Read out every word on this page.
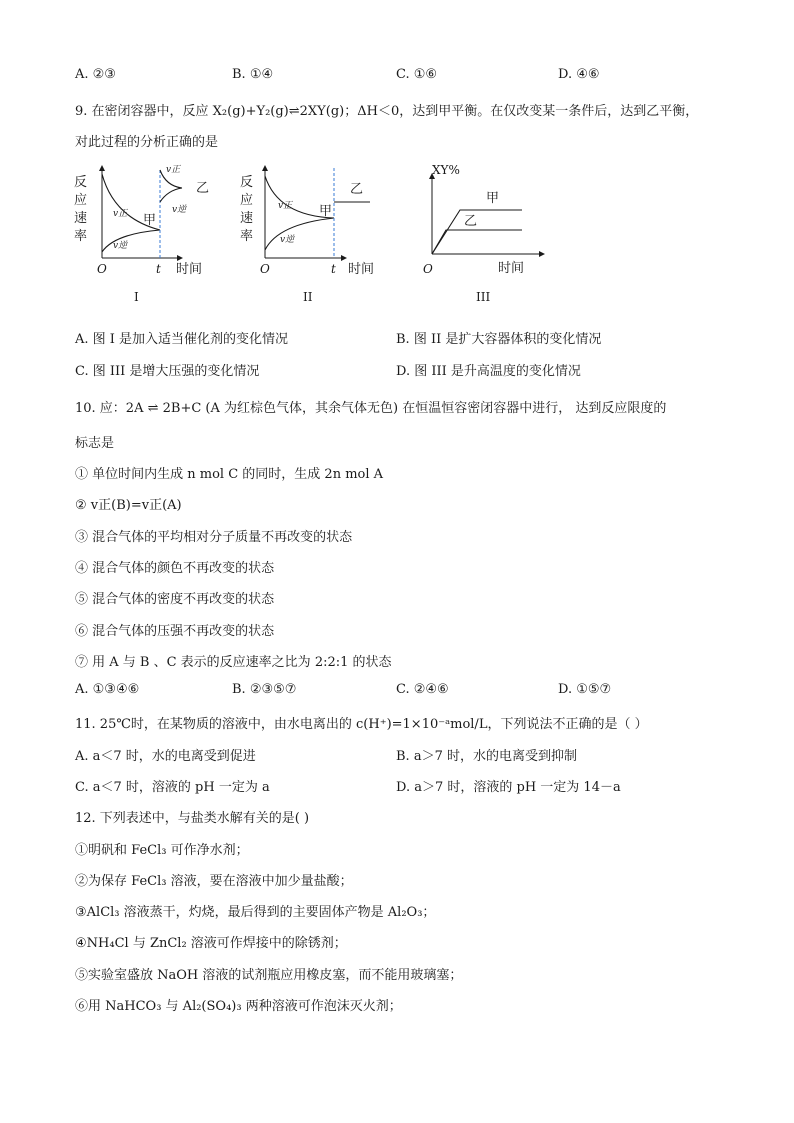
A. ②③	B. ①④	C. ①⑥	D. ④⑥
9. 在密闭容器中，反应 X₂(g)+Y₂(g)⇌2XY(g)；ΔH＜0，达到甲平衡。在仅改变某一条件后，达到乙平衡，
对此过程的分析正确的是
反
应
速
率
v正
v逆
乙
v正
v逆
甲
O	t 时间
I
反
应
速
率
乙
v正
v逆
甲
O	t 时间
II
XY%
甲
乙
O	时间
III
A. 图 I 是加入适当催化剂的变化情况	B. 图 II 是扩大容器体积的变化情况
C. 图 III 是增大压强的变化情况	D. 图 III 是升高温度的变化情况
10. 应：2A ⇌ 2B+C (A 为红棕色气体，其余气体无色) 在恒温恒容密闭容器中进行， 达到反应限度的
标志是
① 单位时间内生成 n mol C 的同时，生成 2n mol A
② v正(B)=v正(A)
③ 混合气体的平均相对分子质量不再改变的状态
④ 混合气体的颜色不再改变的状态
⑤ 混合气体的密度不再改变的状态
⑥ 混合气体的压强不再改变的状态
⑦ 用 A 与 B 、C 表示的反应速率之比为 2:2:1 的状态
A. ①③④⑥	B. ②③⑤⑦	C. ②④⑥	D. ①⑤⑦
11. 25℃时，在某物质的溶液中，由水电离出的 c(H⁺)=1×10⁻ᵃmol/L，下列说法不正确的是（ ）
A. a＜7 时，水的电离受到促进	B. a＞7 时，水的电离受到抑制
C. a＜7 时，溶液的 pH 一定为 a	D. a＞7 时，溶液的 pH 一定为 14－a
12. 下列表述中，与盐类水解有关的是( )
①明矾和 FeCl₃ 可作净水剂；
②为保存 FeCl₃ 溶液，要在溶液中加少量盐酸；
③AlCl₃ 溶液蒸干，灼烧，最后得到的主要固体产物是 Al₂O₃；
④NH₄Cl 与 ZnCl₂ 溶液可作焊接中的除锈剂；
⑤实验室盛放 NaOH 溶液的试剂瓶应用橡皮塞，而不能用玻璃塞；
⑥用 NaHCO₃ 与 Al₂(SO₄)₃ 两种溶液可作泡沫灭火剂；
